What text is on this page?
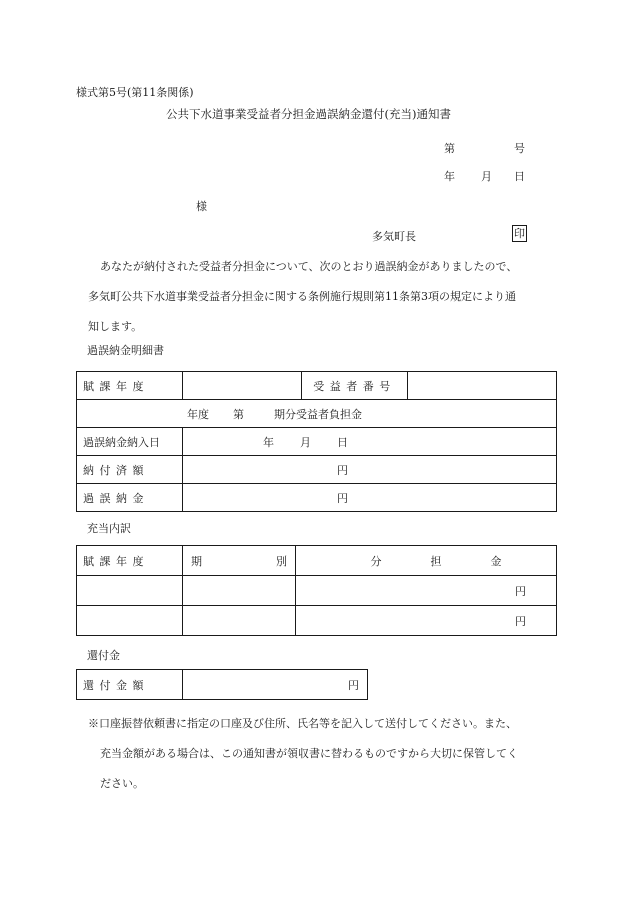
様式第5号(第11条関係)
公共下水道事業受益者分担金過誤納金還付(充当)通知書
第	号
年 月 日
様
多気町長	印
あなたが納付された受益者分担金について、次のとおり過誤納金がありましたので、
多気町公共下水道事業受益者分担金に関する条例施行規則第11条第3項の規定により通
知します。
過誤納金明細書
賦課年度		受益者番号	
年度 第 期分受益者負担金			
過誤納金納入日	年 月 日		
納付済額	円		
過誤納金	円		
充当内訳
賦課年度	期 別	分 担 金

		円
		円
還付金
還付金額	円
※口座振替依頼書に指定の口座及び住所、氏名等を記入して送付してください。また、
充当金額がある場合は、この通知書が領収書に替わるものですから大切に保管してく
ださい。
